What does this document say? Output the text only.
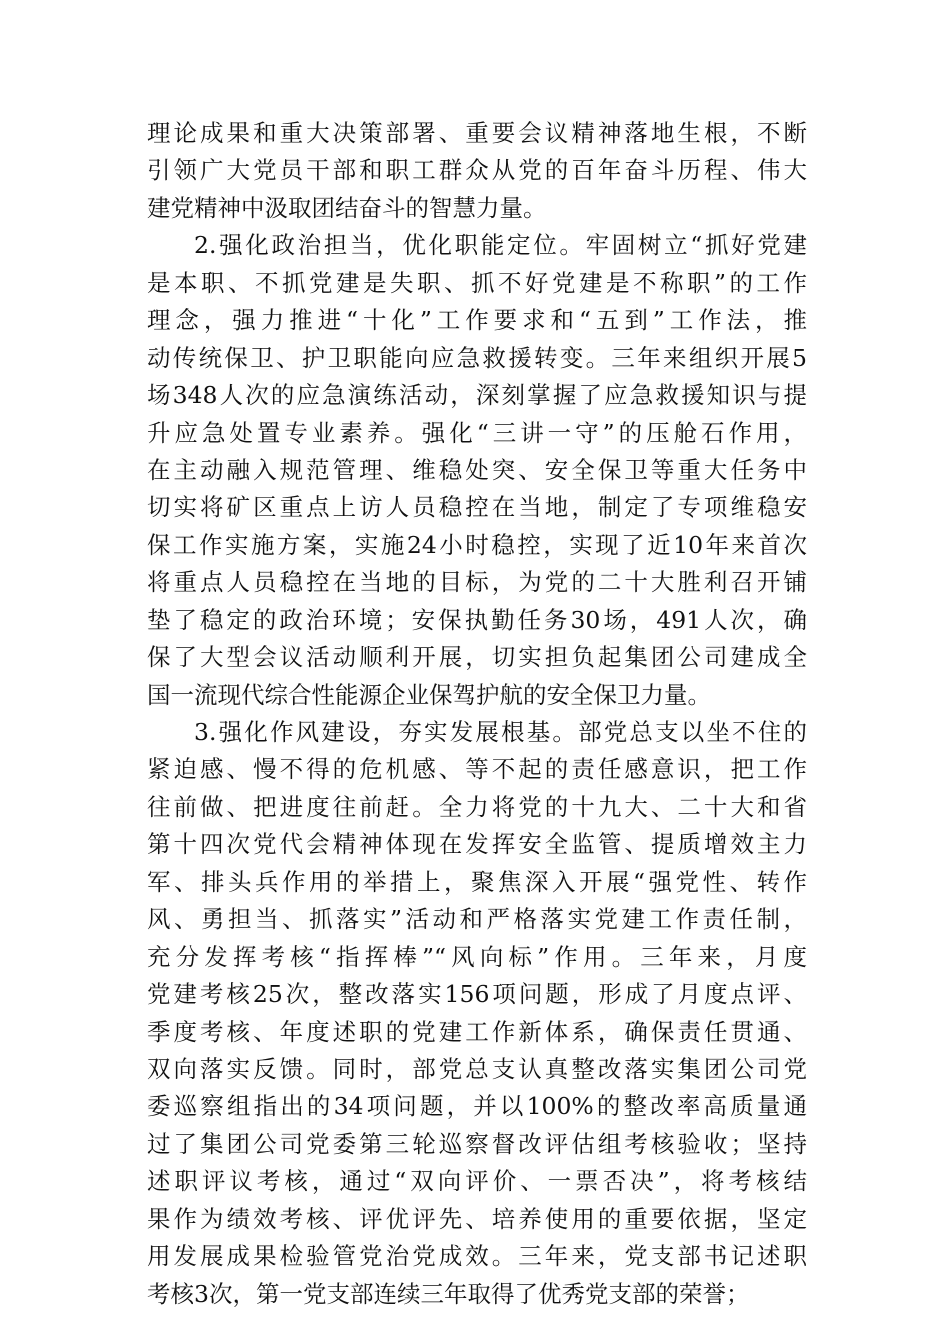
理论成果和重大决策部署、重要会议精神落地生根，不断
引领广大党员干部和职工群众从党的百年奋斗历程、伟大
建党精神中汲取团结奋斗的智慧力量。
2.强化政治担当，优化职能定位。牢固树立“抓好党建
是本职、不抓党建是失职、抓不好党建是不称职”的工作
理念，强力推进“十化”工作要求和“五到”工作法，推
动传统保卫、护卫职能向应急救援转变。三年来组织开展5
场348人次的应急演练活动，深刻掌握了应急救援知识与提
升应急处置专业素养。强化“三讲一守”的压舱石作用，
在主动融入规范管理、维稳处突、安全保卫等重大任务中
切实将矿区重点上访人员稳控在当地，制定了专项维稳安
保工作实施方案，实施24小时稳控，实现了近10年来首次
将重点人员稳控在当地的目标，为党的二十大胜利召开铺
垫了稳定的政治环境；安保执勤任务30场，491人次，确
保了大型会议活动顺利开展，切实担负起集团公司建成全
国一流现代综合性能源企业保驾护航的安全保卫力量。
3.强化作风建设，夯实发展根基。部党总支以坐不住的
紧迫感、慢不得的危机感、等不起的责任感意识，把工作
往前做、把进度往前赶。全力将党的十九大、二十大和省
第十四次党代会精神体现在发挥安全监管、提质增效主力
军、排头兵作用的举措上，聚焦深入开展“强党性、转作
风、勇担当、抓落实”活动和严格落实党建工作责任制，
充分发挥考核“指挥棒”“风向标”作用。三年来，月度
党建考核25次，整改落实156项问题，形成了月度点评、
季度考核、年度述职的党建工作新体系，确保责任贯通、
双向落实反馈。同时，部党总支认真整改落实集团公司党
委巡察组指出的34项问题，并以100%的整改率高质量通
过了集团公司党委第三轮巡察督改评估组考核验收；坚持
述职评议考核，通过“双向评价、一票否决”，将考核结
果作为绩效考核、评优评先、培养使用的重要依据，坚定
用发展成果检验管党治党成效。三年来，党支部书记述职
考核3次，第一党支部连续三年取得了优秀党支部的荣誉；
